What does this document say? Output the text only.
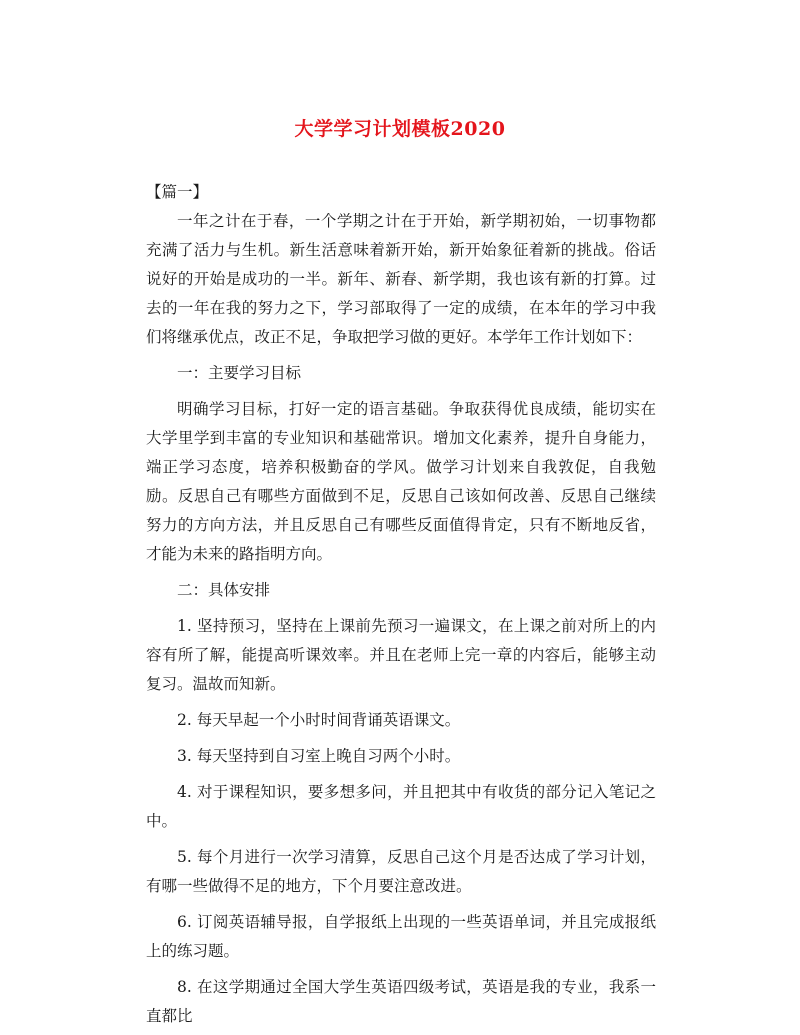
大学学习计划模板2020

【篇一】

一年之计在于春，一个学期之计在于开始，新学期初始，一切事物都充满了活力与生机。新生活意味着新开始，新开始象征着新的挑战。俗话说好的开始是成功的一半。新年、新春、新学期，我也该有新的打算。过去的一年在我的努力之下，学习部取得了一定的成绩，在本年的学习中我们将继承优点，改正不足，争取把学习做的更好。本学年工作计划如下：

一：主要学习目标

明确学习目标，打好一定的语言基础。争取获得优良成绩，能切实在大学里学到丰富的专业知识和基础常识。增加文化素养，提升自身能力，端正学习态度，培养积极勤奋的学风。做学习计划来自我敦促，自我勉励。反思自己有哪些方面做到不足，反思自己该如何改善、反思自己继续努力的方向方法，并且反思自己有哪些反面值得肯定，只有不断地反省，才能为未来的路指明方向。

二：具体安排

1. 坚持预习，坚持在上课前先预习一遍课文，在上课之前对所上的内容有所了解，能提高听课效率。并且在老师上完一章的内容后，能够主动复习。温故而知新。

2. 每天早起一个小时时间背诵英语课文。

3. 每天坚持到自习室上晚自习两个小时。

4. 对于课程知识，要多想多问，并且把其中有收货的部分记入笔记之中。

5. 每个月进行一次学习清算，反思自己这个月是否达成了学习计划，有哪一些做得不足的地方，下个月要注意改进。

6. 订阅英语辅导报，自学报纸上出现的一些英语单词，并且完成报纸上的练习题。

8. 在这学期通过全国大学生英语四级考试，英语是我的专业，我系一直都比
